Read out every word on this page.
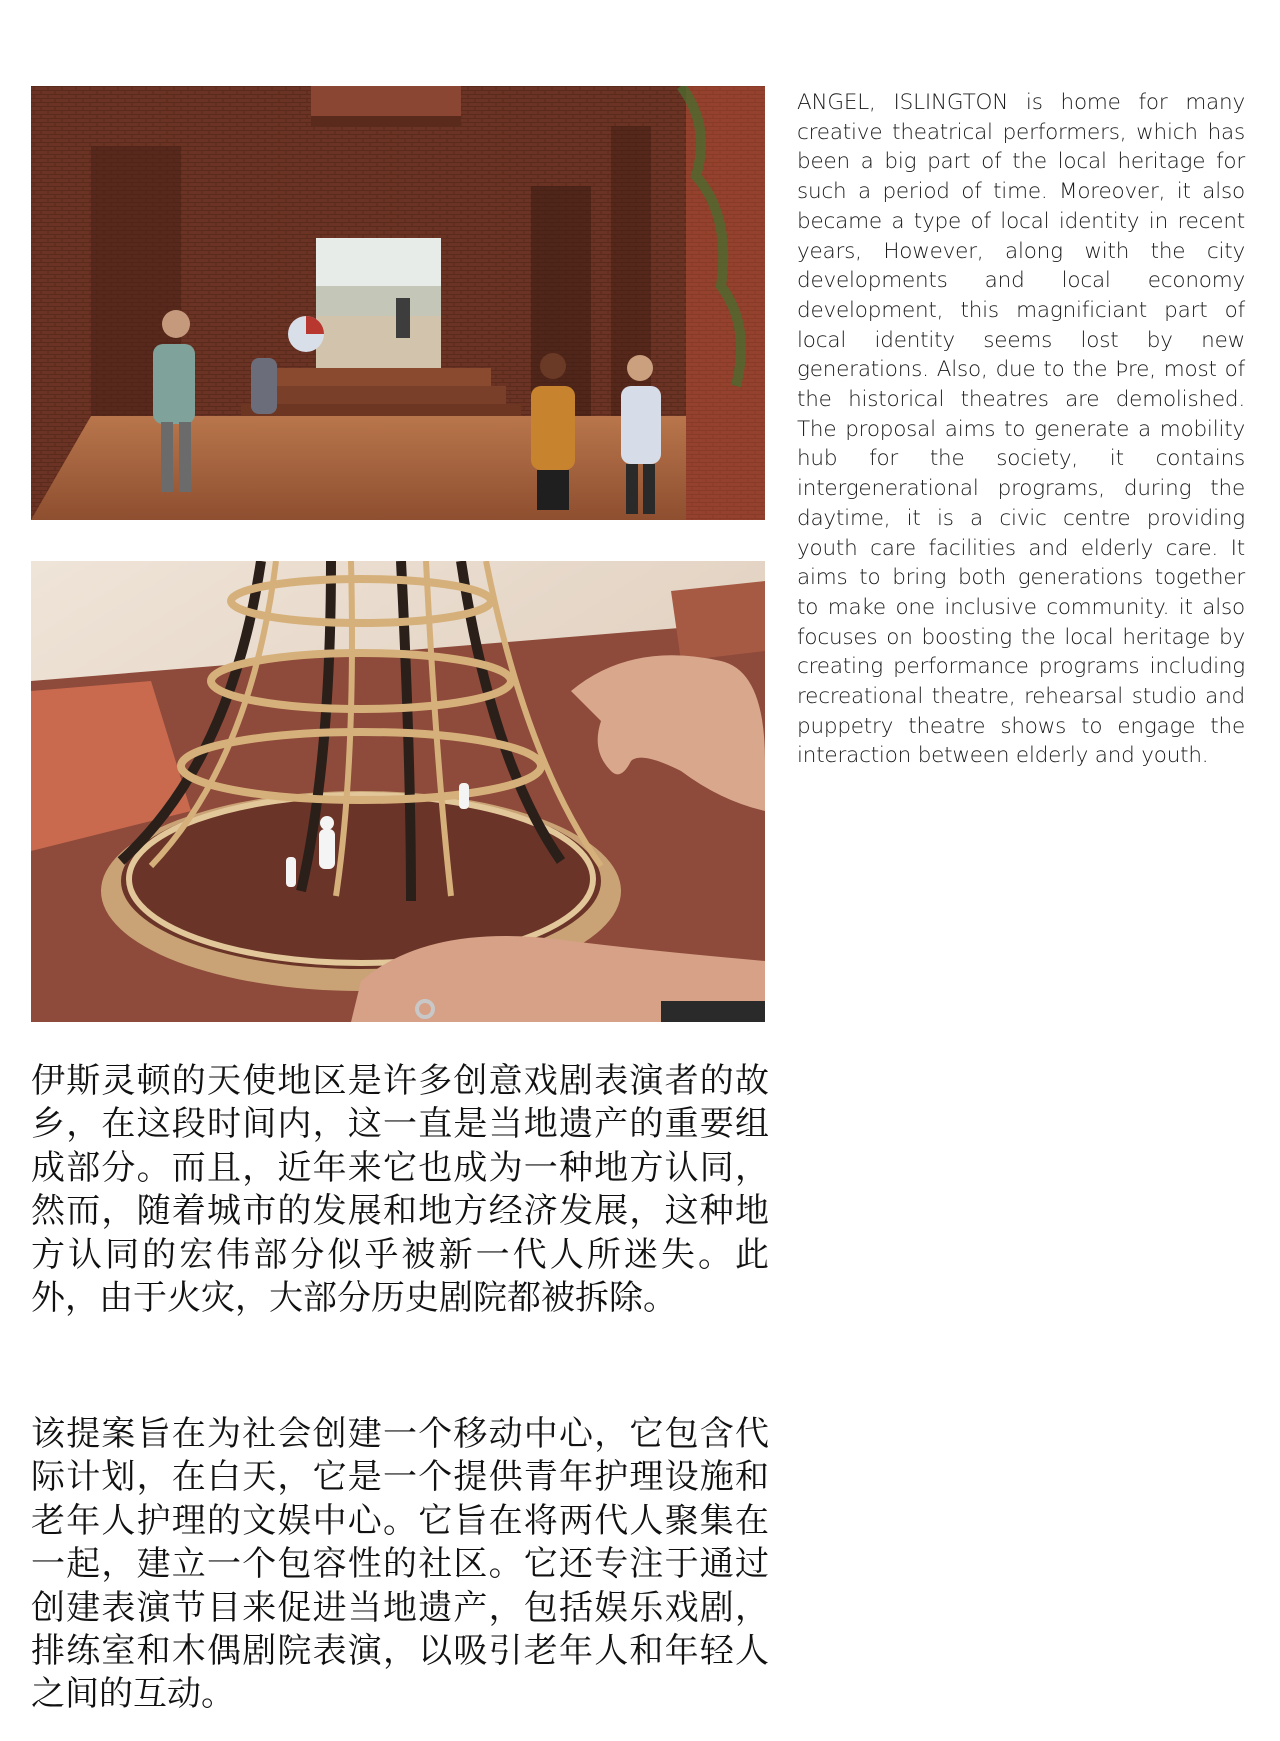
ANGEL, ISLINGTON is home for many creative theatrical performers, which has been a big part of the local heritage for such a period of time. Moreover, it also became a type of local identity in recent years, However, along with the city developments and local economy development, this magnificiant part of local identity seems lost by new generations. Also, due to the Þre, most of the historical theatres are demolished. The proposal aims to generate a mobility hub for the society, it contains intergenerational programs, during the daytime, it is a civic centre providing youth care facilities and elderly care. It aims to bring both generations together to make one inclusive community. it also focuses on boosting the local heritage by creating performance programs including recreational theatre, rehearsal studio and puppetry theatre shows to engage the interaction between elderly and youth.

伊斯灵顿的天使地区是许多创意戏剧表演者的故乡，在这段时间内，这一直是当地遗产的重要组成部分。而且，近年来它也成为一种地方认同，然而，随着城市的发展和地方经济发展，这种地方认同的宏伟部分似乎被新一代人所迷失。此外，由于火灾，大部分历史剧院都被拆除。

该提案旨在为社会创建一个移动中心，它包含代际计划，在白天，它是一个提供青年护理设施和老年人护理的文娱中心。它旨在将两代人聚集在一起，建立一个包容性的社区。它还专注于通过创建表演节目来促进当地遗产，包括娱乐戏剧，排练室和木偶剧院表演，以吸引老年人和年轻人之间的互动。
